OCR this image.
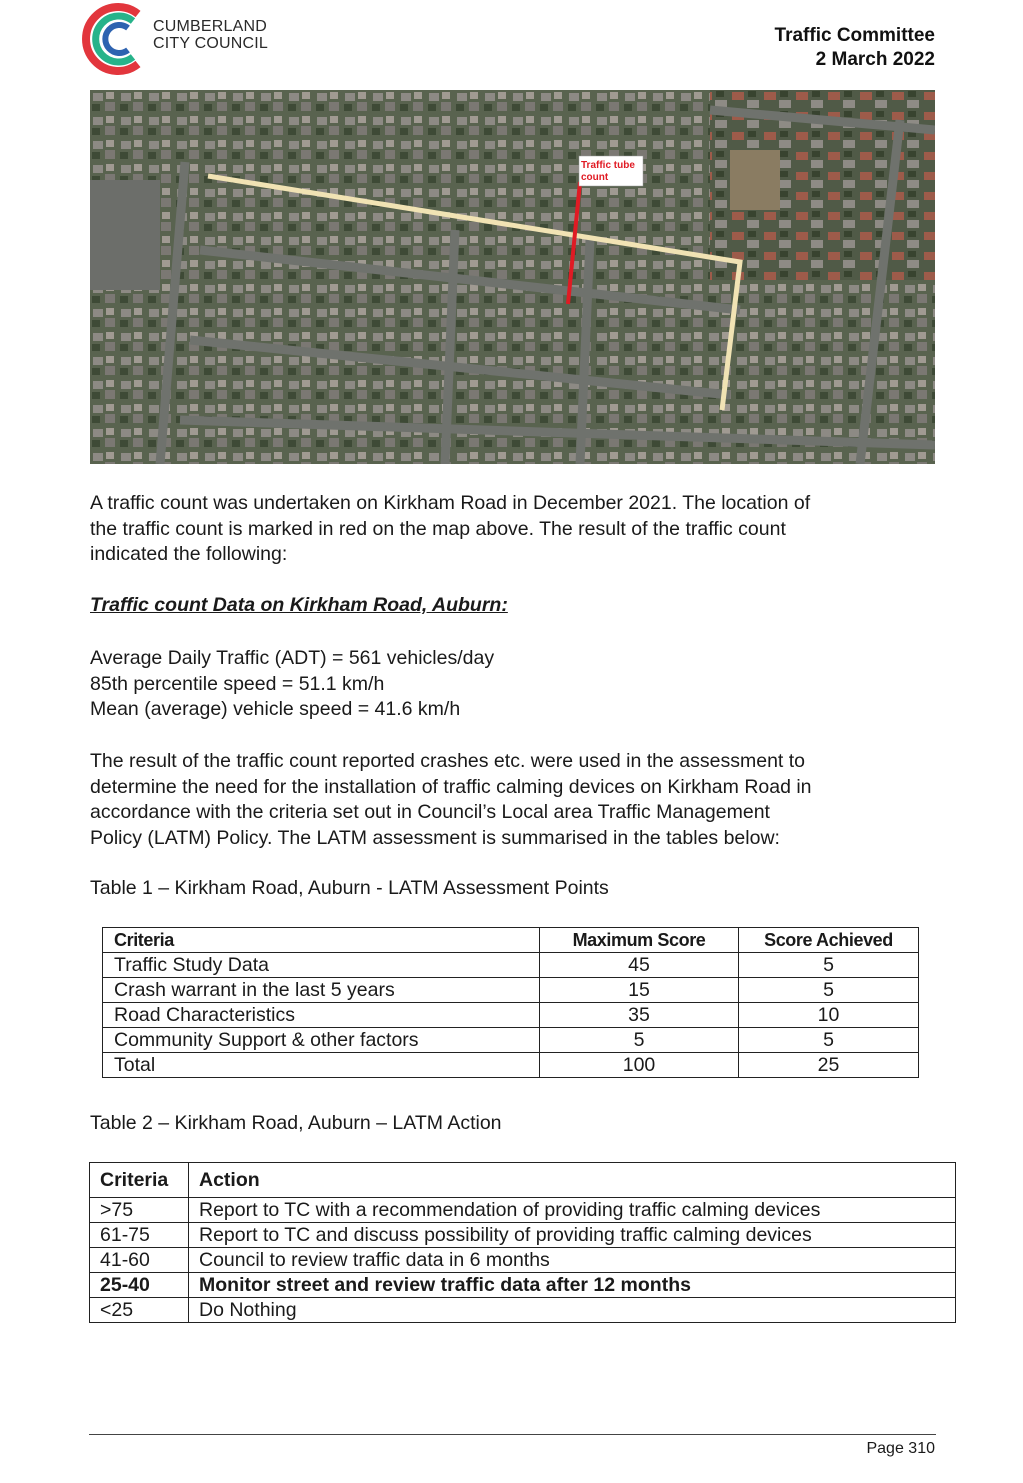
CUMBERLAND
CITY COUNCIL	Traffic Committee
2 March 2022
Traffic tube
count
A traffic count was undertaken on Kirkham Road in December 2021. The location of
the traffic count is marked in red on the map above. The result of the traffic count
indicated the following:
Traffic count Data on Kirkham Road, Auburn:
Average Daily Traffic (ADT) = 561 vehicles/day
85th percentile speed = 51.1 km/h
Mean (average) vehicle speed = 41.6 km/h
The result of the traffic count reported crashes etc. were used in the assessment to
determine the need for the installation of traffic calming devices on Kirkham Road in
accordance with the criteria set out in Council’s Local area Traffic Management
Policy (LATM) Policy. The LATM assessment is summarised in the tables below:
Table 1 – Kirkham Road, Auburn - LATM Assessment Points
Criteria	Maximum Score	Score Achieved
Traffic Study Data	45	5
Crash warrant in the last 5 years	15	5
Road Characteristics	35	10
Community Support & other factors	5	5
Total	100	25
Table 2 – Kirkham Road, Auburn – LATM Action
Criteria	Action
>75	Report to TC with a recommendation of providing traffic calming devices
61-75	Report to TC and discuss possibility of providing traffic calming devices
41-60	Council to review traffic data in 6 months
25-40	Monitor street and review traffic data after 12 months
<25	Do Nothing
Page 310
